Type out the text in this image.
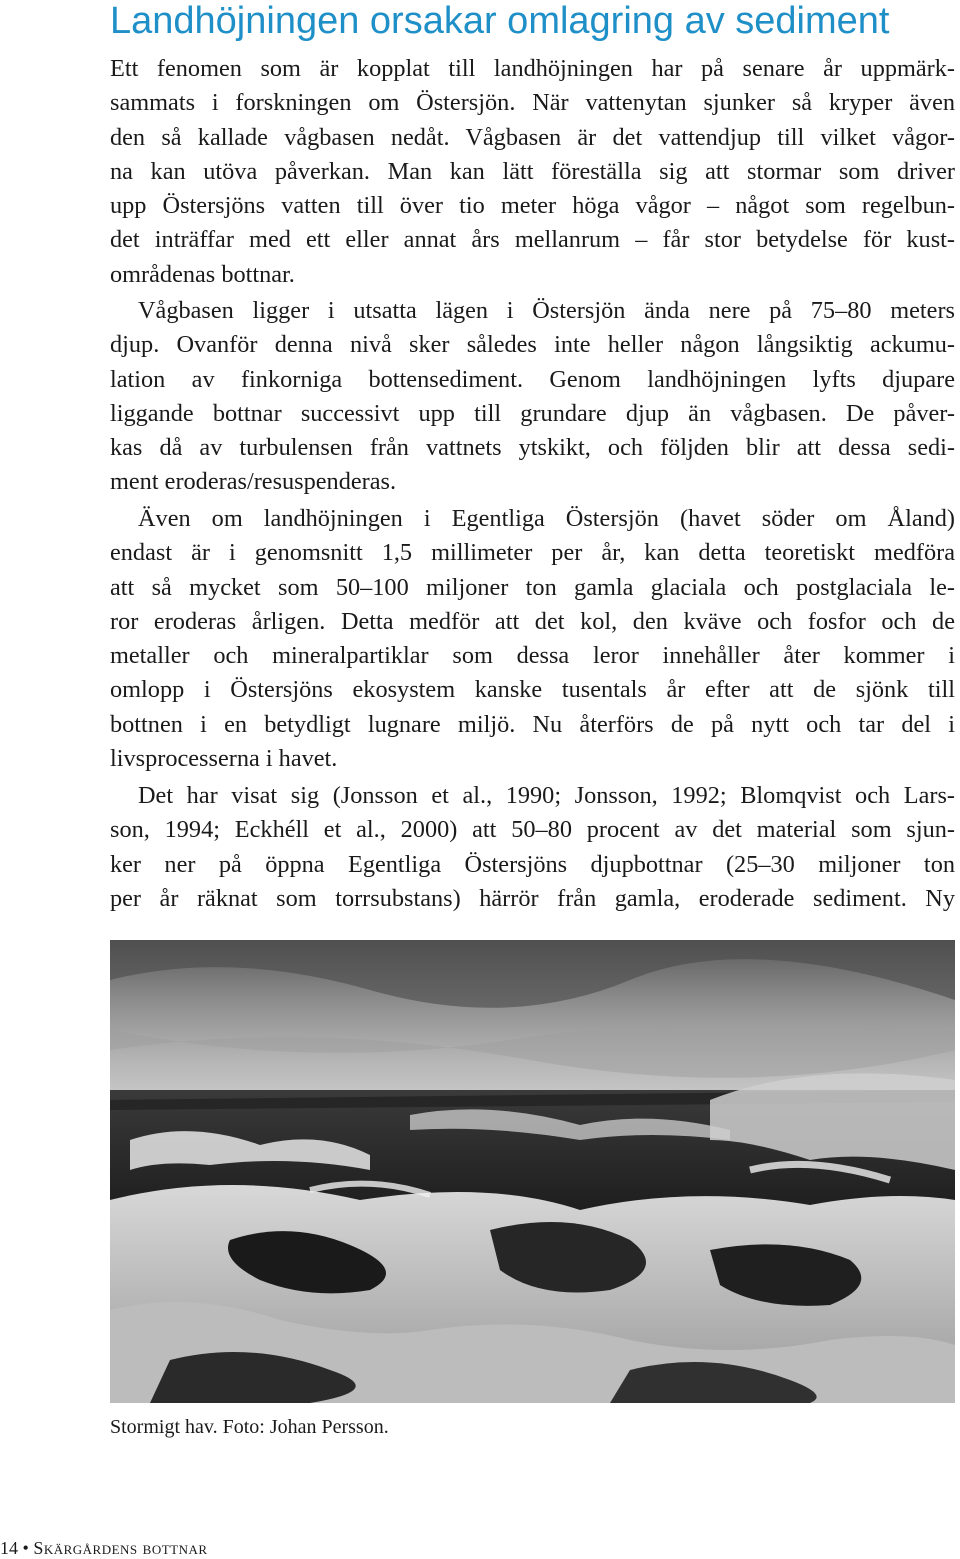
Landhöjningen orsakar omlagring av sediment
Ett fenomen som är kopplat till landhöjningen har på senare år uppmärk-
sammats i forskningen om Östersjön. När vattenytan sjunker så kryper även
den så kallade vågbasen nedåt. Vågbasen är det vattendjup till vilket vågor-
na kan utöva påverkan. Man kan lätt föreställa sig att stormar som driver
upp Östersjöns vatten till över tio meter höga vågor – något som regelbun-
det inträffar med ett eller annat års mellanrum – får stor betydelse för kust-
områdenas bottnar.
Vågbasen ligger i utsatta lägen i Östersjön ända nere på 75–80 meters
djup. Ovanför denna nivå sker således inte heller någon långsiktig ackumu-
lation av finkorniga bottensediment. Genom landhöjningen lyfts djupare
liggande bottnar successivt upp till grundare djup än vågbasen. De påver-
kas då av turbulensen från vattnets ytskikt, och följden blir att dessa sedi-
ment eroderas/resuspenderas.
Även om landhöjningen i Egentliga Östersjön (havet söder om Åland)
endast är i genomsnitt 1,5 millimeter per år, kan detta teoretiskt medföra
att så mycket som 50–100 miljoner ton gamla glaciala och postglaciala le-
ror eroderas årligen. Detta medför att det kol, den kväve och fosfor och de
metaller och mineralpartiklar som dessa leror innehåller åter kommer i
omlopp i Östersjöns ekosystem kanske tusentals år efter att de sjönk till
bottnen i en betydligt lugnare miljö. Nu återförs de på nytt och tar del i
livsprocesserna i havet.
Det har visat sig (Jonsson et al., 1990; Jonsson, 1992; Blomqvist och Lars-
son, 1994; Eckhéll et al., 2000) att 50–80 procent av det material som sjun-
ker ner på öppna Egentliga Östersjöns djupbottnar (25–30 miljoner ton
per år räknat som torrsubstans) härrör från gamla, eroderade sediment. Ny

Stormigt hav. Foto: Johan Persson.

14 • Skärgårdens bottnar
